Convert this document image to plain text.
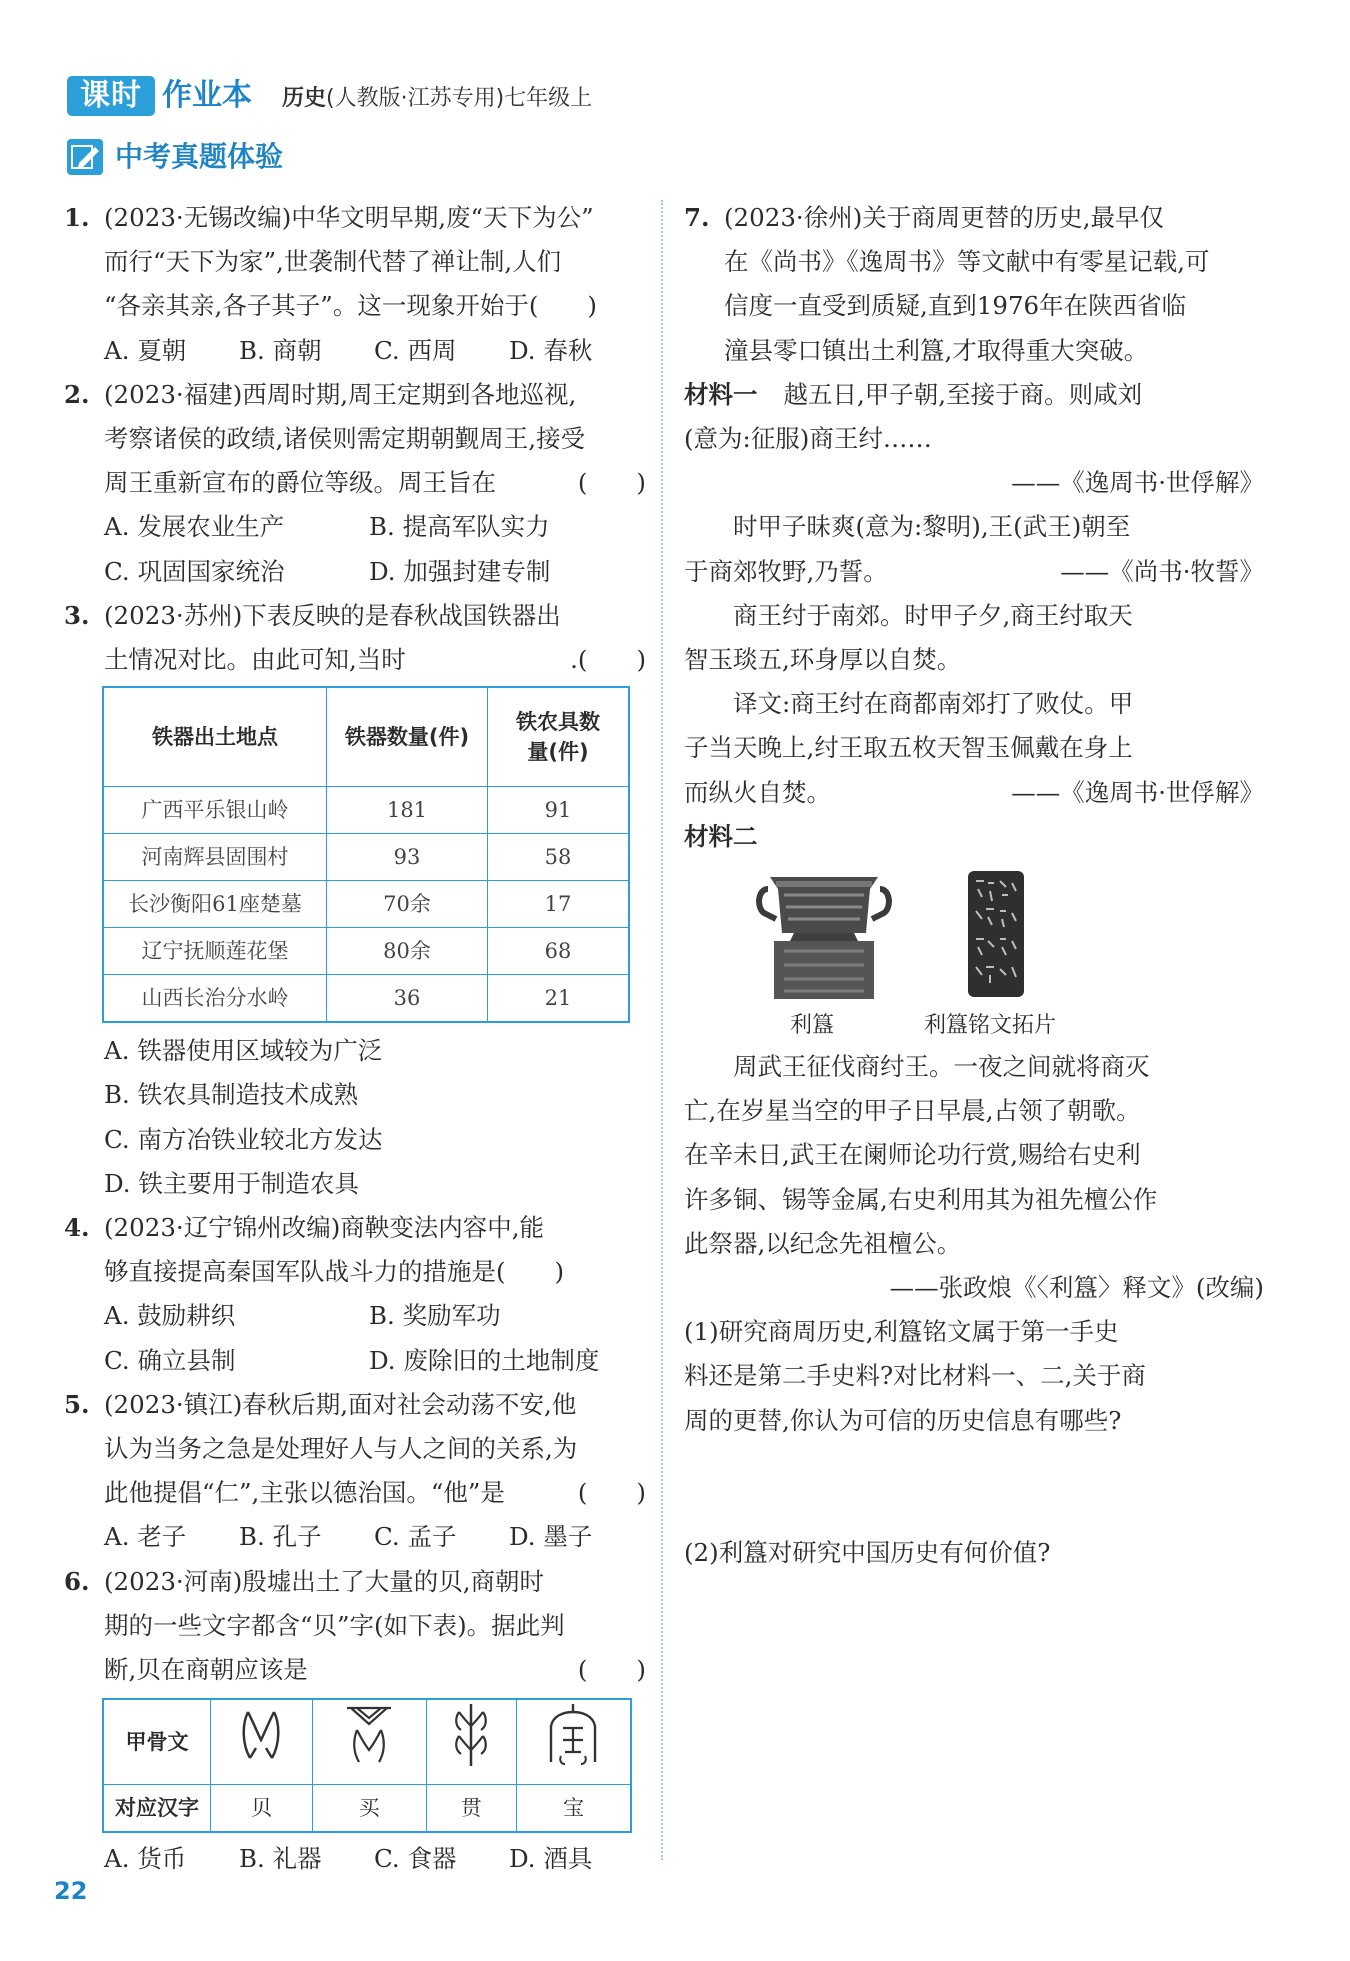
课时 作业本 历史(人教版·江苏专用)七年级上
中考真题体验
1. (2023·无锡改编)中华文明早期,废“天下为公”
而行“天下为家”,世袭制代替了禅让制,人们
“各亲其亲,各子其子”。这一现象开始于(　　)
A. 夏朝 B. 商朝 C. 西周 D. 春秋
2. (2023·福建)西周时期,周王定期到各地巡视,
考察诸侯的政绩,诸侯则需定期朝觐周王,接受
周王重新宣布的爵位等级。周王旨在	(　　)
A. 发展农业生产	B. 提高军队实力
C. 巩固国家统治	D. 加强封建专制
3. (2023·苏州)下表反映的是春秋战国铁器出
土情况对比。由此可知,当时	.(　　)
铁器出土地点	铁器数量(件)	铁农具数量(件)

广西平乐银山岭	181	91
河南辉县固围村	93	58
长沙衡阳61座楚墓	70余	17
辽宁抚顺莲花堡	80余	68
山西长治分水岭	36	21
A. 铁器使用区域较为广泛
B. 铁农具制造技术成熟
C. 南方冶铁业较北方发达
D. 铁主要用于制造农具
4. (2023·辽宁锦州改编)商鞅变法内容中,能
够直接提高秦国军队战斗力的措施是(　　)
A. 鼓励耕织	B. 奖励军功
C. 确立县制	D. 废除旧的土地制度
5. (2023·镇江)春秋后期,面对社会动荡不安,他
认为当务之急是处理好人与人之间的关系,为
此他提倡“仁”,主张以德治国。“他”是	(　　)
A. 老子 B. 孔子 C. 孟子 D. 墨子
6. (2023·河南)殷墟出土了大量的贝,商朝时
期的一些文字都含“贝”字(如下表)。据此判
断,贝在商朝应该是	(　　)
甲骨文				
对应汉字	贝	买	贯	宝
A. 货币 B. 礼器 C. 食器 D. 酒具
7. (2023·徐州)关于商周更替的历史,最早仅
在《尚书》《逸周书》等文献中有零星记载,可
信度一直受到质疑,直到1976年在陕西省临
潼县零口镇出土利簋,才取得重大突破。
材料一 越五日,甲子朝,至接于商。则咸刘
(意为:征服)商王纣……
——《逸周书·世俘解》
时甲子昧爽(意为:黎明),王(武王)朝至
于商郊牧野,乃誓。	——《尚书·牧誓》
商王纣于南郊。时甲子夕,商王纣取天
智玉琰五,环身厚以自焚。
译文:商王纣在商都南郊打了败仗。甲
子当天晚上,纣王取五枚天智玉佩戴在身上
而纵火自焚。	——《逸周书·世俘解》
材料二
利簋	利簋铭文拓片
周武王征伐商纣王。一夜之间就将商灭
亡,在岁星当空的甲子日早晨,占领了朝歌。
在辛未日,武王在阑师论功行赏,赐给右史利
许多铜、锡等金属,右史利用其为祖先檀公作
此祭器,以纪念先祖檀公。
——张政烺《〈利簋〉释文》(改编)
(1)研究商周历史,利簋铭文属于第一手史
料还是第二手史料?对比材料一、二,关于商
周的更替,你认为可信的历史信息有哪些?
(2)利簋对研究中国历史有何价值?
22
